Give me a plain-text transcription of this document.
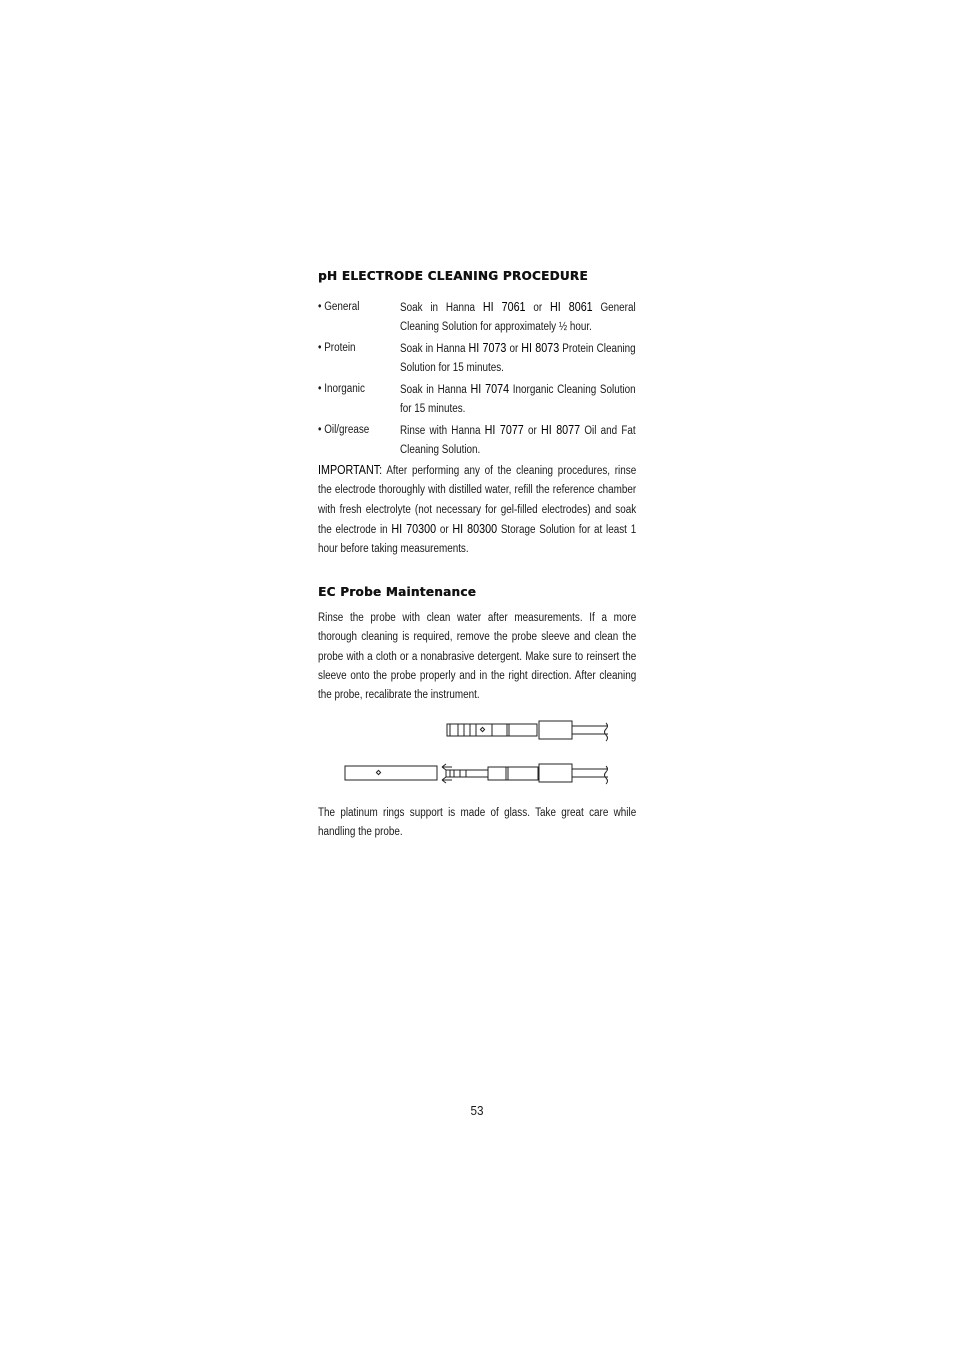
pH ELECTRODE CLEANING PROCEDURE
• General	Soak in Hanna HI 7061 or HI 8061 General Cleaning Solution for approximately ½ hour.
• Protein	Soak in Hanna HI 7073 or HI 8073 Protein Cleaning Solution for 15 minutes.
• Inorganic	Soak in Hanna HI 7074 Inorganic Cleaning Solution for 15 minutes.
• Oil/grease	Rinse with Hanna HI 7077 or HI 8077 Oil and Fat Cleaning Solution.
IMPORTANT: After performing any of the cleaning procedures, rinse the electrode thoroughly with distilled water, refill the reference chamber with fresh electrolyte (not necessary for gel-filled electrodes) and soak the electrode in HI 70300 or HI 80300 Storage Solution for at least 1 hour before taking measurements.
EC Probe Maintenance
Rinse the probe with clean water after measurements. If a more thorough cleaning is required, remove the probe sleeve and clean the probe with a cloth or a nonabrasive detergent. Make sure to reinsert the sleeve onto the probe properly and in the right direction. After cleaning the probe, recalibrate the instrument.
The platinum rings support is made of glass. Take great care while handling the probe.
53
